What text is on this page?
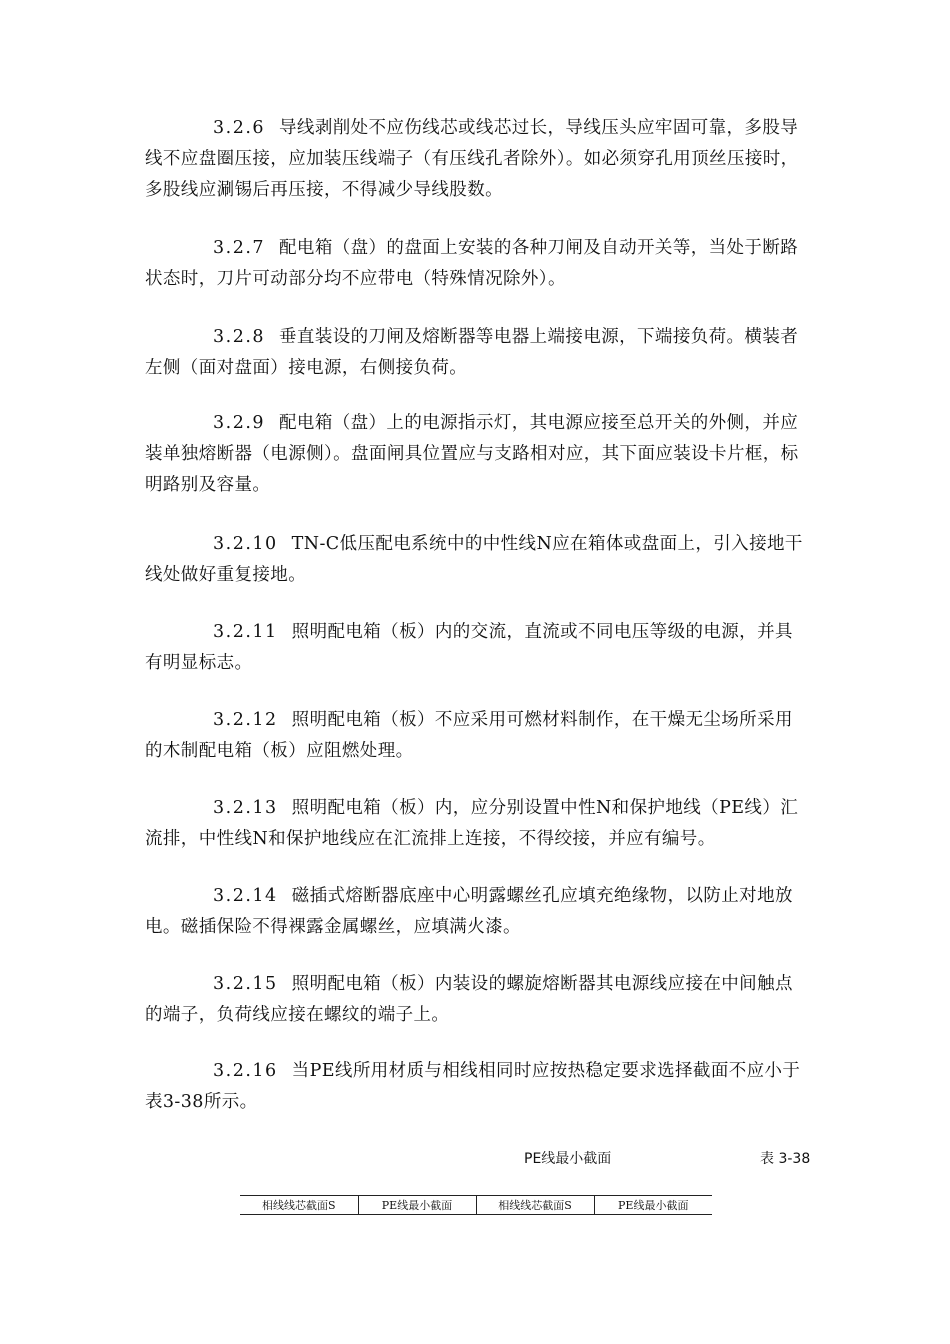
3.2.6 导线剥削处不应伤线芯或线芯过长，导线压头应牢固可靠，多股导线不应盘圈压接，应加装压线端子（有压线孔者除外）。如必须穿孔用顶丝压接时，多股线应涮锡后再压接，不得减少导线股数。

3.2.7 配电箱（盘）的盘面上安装的各种刀闸及自动开关等，当处于断路状态时，刀片可动部分均不应带电（特殊情况除外）。

3.2.8 垂直装设的刀闸及熔断器等电器上端接电源，下端接负荷。横装者左侧（面对盘面）接电源，右侧接负荷。

3.2.9 配电箱（盘）上的电源指示灯，其电源应接至总开关的外侧，并应装单独熔断器（电源侧）。盘面闸具位置应与支路相对应，其下面应装设卡片框，标明路别及容量。

3.2.10 TN-C低压配电系统中的中性线N应在箱体或盘面上，引入接地干线处做好重复接地。

3.2.11 照明配电箱（板）内的交流，直流或不同电压等级的电源，并具有明显标志。

3.2.12 照明配电箱（板）不应采用可燃材料制作，在干燥无尘场所采用的木制配电箱（板）应阻燃处理。

3.2.13 照明配电箱（板）内，应分别设置中性N和保护地线（PE线）汇流排，中性线N和保护地线应在汇流排上连接，不得绞接，并应有编号。

3.2.14 磁插式熔断器底座中心明露螺丝孔应填充绝缘物，以防止对地放电。磁插保险不得裸露金属螺丝，应填满火漆。

3.2.15 照明配电箱（板）内装设的螺旋熔断器其电源线应接在中间触点的端子，负荷线应接在螺纹的端子上。

3.2.16 当PE线所用材质与相线相同时应按热稳定要求选择截面不应小于表3-38所示。

PE线最小截面	表 3-38
相线线芯截面S	PE线最小截面	相线线芯截面S	PE线最小截面
